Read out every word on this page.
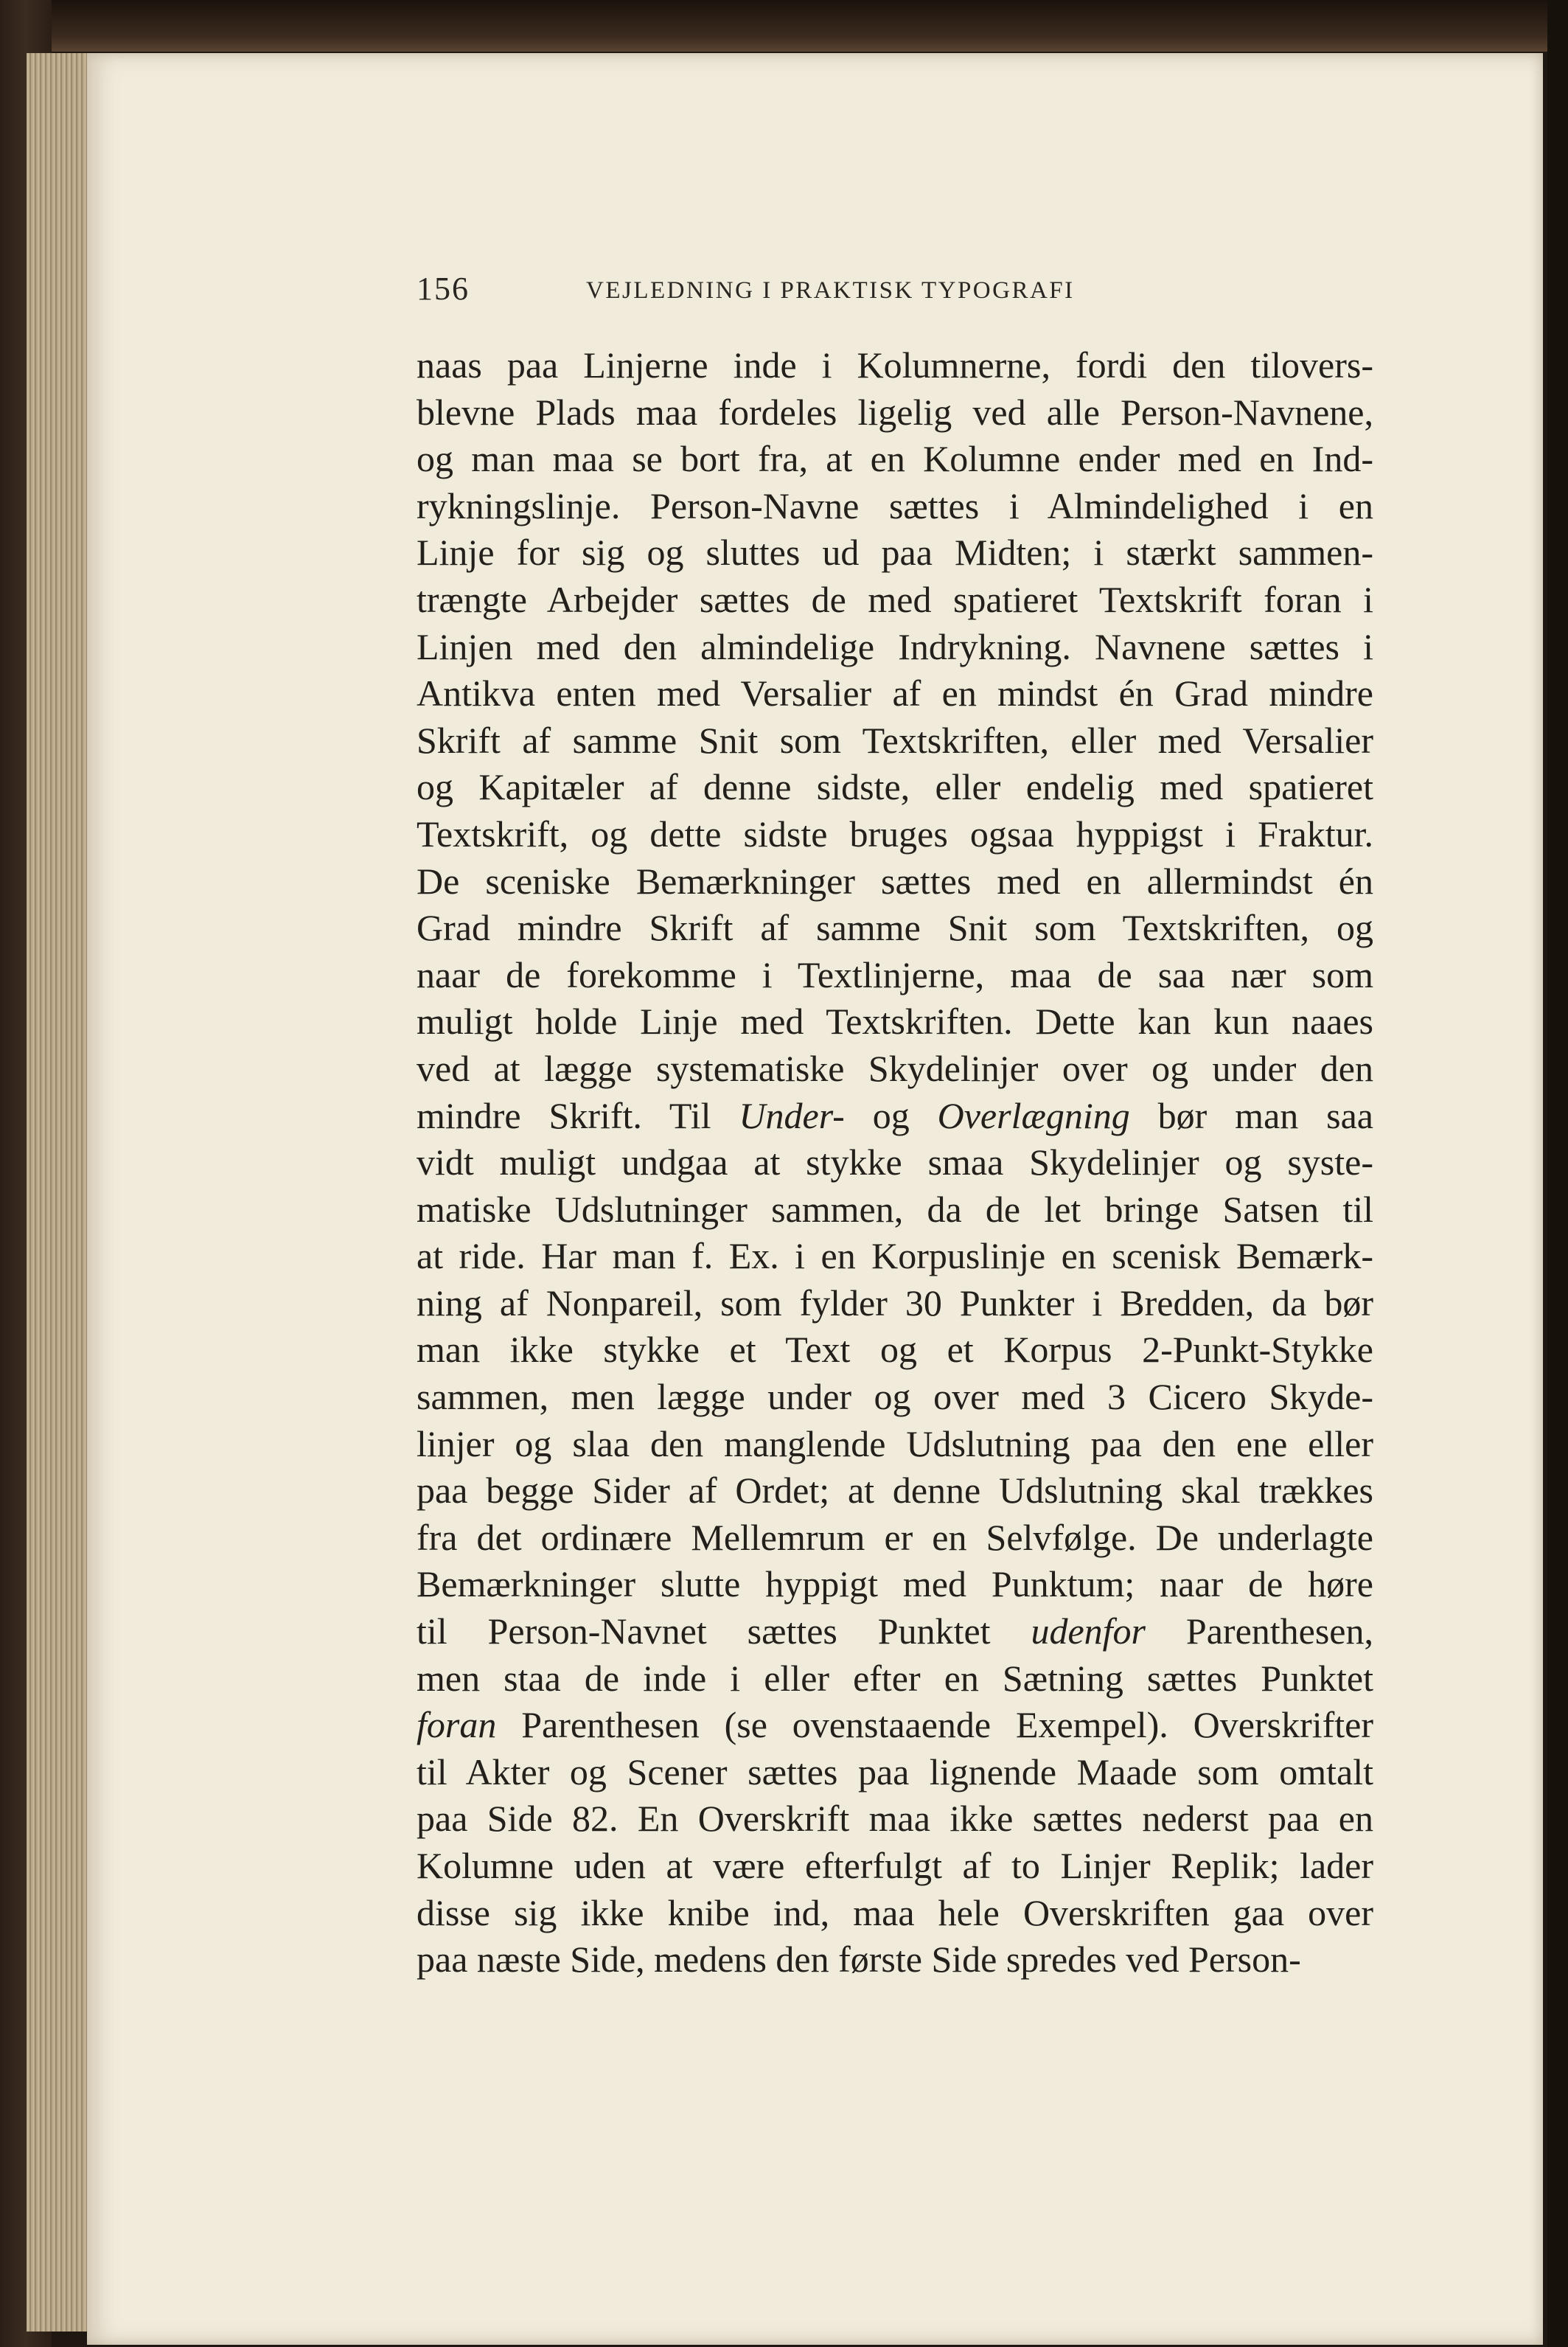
156	VEJLEDNING I PRAKTISK TYPOGRAFI
naas paa Linjerne inde i Kolumnerne, fordi den tilovers-
blevne Plads maa fordeles ligelig ved alle Person-Navnene,
og man maa se bort fra, at en Kolumne ender med en Ind-
rykningslinje. Person-Navne sættes i Almindelighed i en
Linje for sig og sluttes ud paa Midten; i stærkt sammen-
trængte Arbejder sættes de med spatieret Textskrift foran i
Linjen med den almindelige Indrykning. Navnene sættes i
Antikva enten med Versalier af en mindst én Grad mindre
Skrift af samme Snit som Textskriften, eller med Versalier
og Kapitæler af denne sidste, eller endelig med spatieret
Textskrift, og dette sidste bruges ogsaa hyppigst i Fraktur.
De sceniske Bemærkninger sættes med en allermindst én
Grad mindre Skrift af samme Snit som Textskriften, og
naar de forekomme i Textlinjerne, maa de saa nær som
muligt holde Linje med Textskriften. Dette kan kun naaes
ved at lægge systematiske Skydelinjer over og under den
mindre Skrift. Til Under- og Overlægning bør man saa
vidt muligt undgaa at stykke smaa Skydelinjer og syste-
matiske Udslutninger sammen, da de let bringe Satsen til
at ride. Har man f. Ex. i en Korpuslinje en scenisk Bemærk-
ning af Nonpareil, som fylder 30 Punkter i Bredden, da bør
man ikke stykke et Text og et Korpus 2-Punkt-Stykke
sammen, men lægge under og over med 3 Cicero Skyde-
linjer og slaa den manglende Udslutning paa den ene eller
paa begge Sider af Ordet; at denne Udslutning skal trækkes
fra det ordinære Mellemrum er en Selvfølge. De underlagte
Bemærkninger slutte hyppigt med Punktum; naar de høre
til Person-Navnet sættes Punktet udenfor Parenthesen,
men staa de inde i eller efter en Sætning sættes Punktet
foran Parenthesen (se ovenstaaende Exempel). Overskrifter
til Akter og Scener sættes paa lignende Maade som omtalt
paa Side 82. En Overskrift maa ikke sættes nederst paa en
Kolumne uden at være efterfulgt af to Linjer Replik; lader
disse sig ikke knibe ind, maa hele Overskriften gaa over
paa næste Side, medens den første Side spredes ved Person-
